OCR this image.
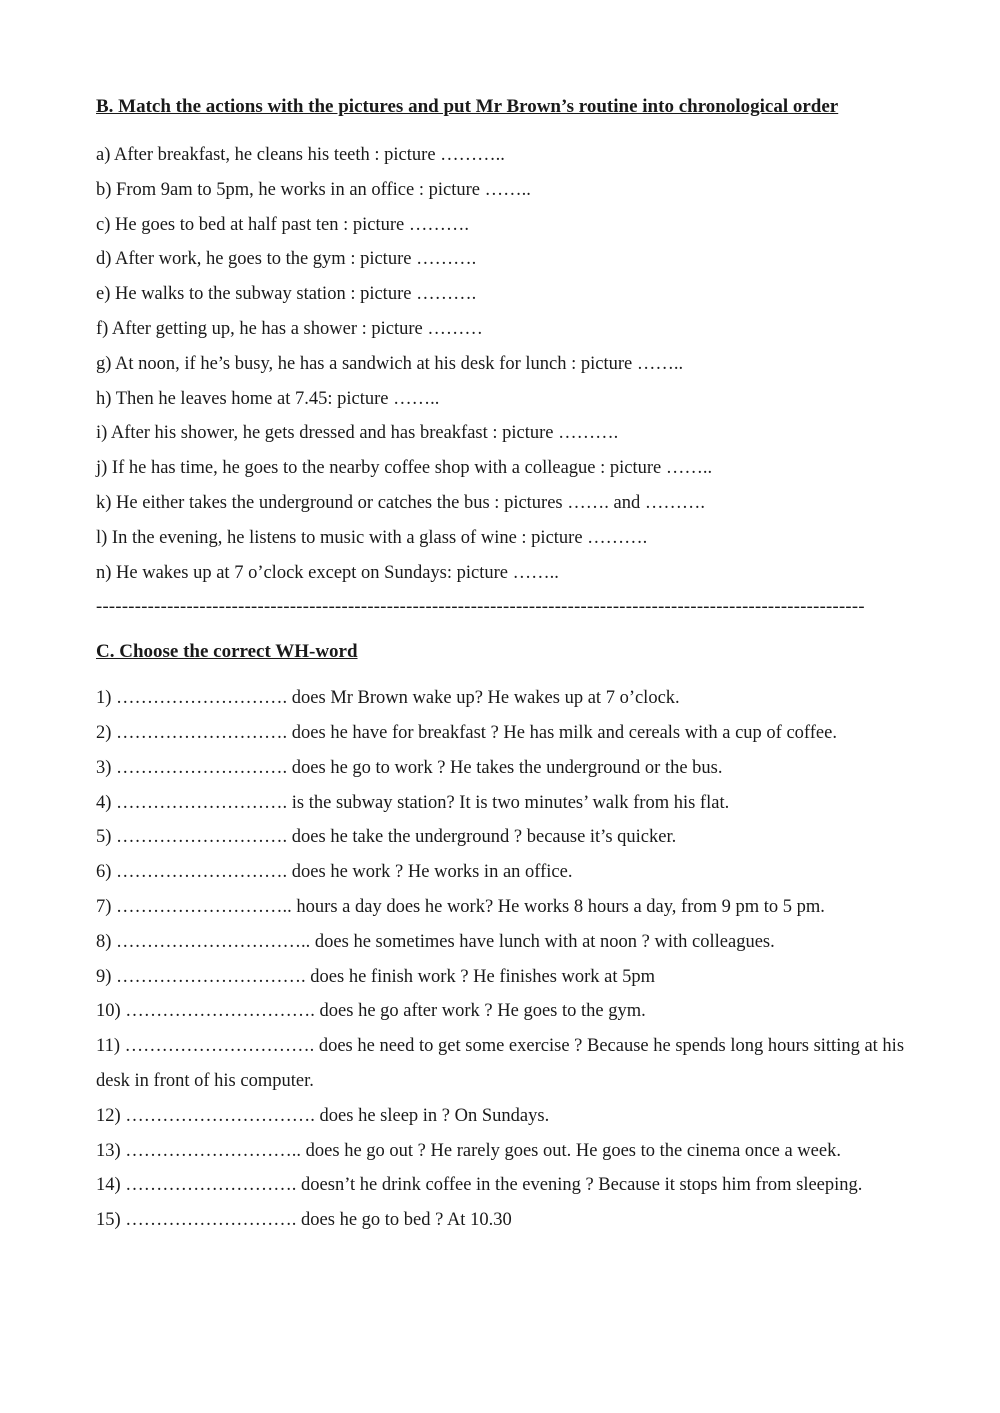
B. Match the actions with the pictures and put Mr Brown’s routine into chronological order
a) After breakfast, he cleans his teeth : picture ………..
b) From 9am to 5pm, he works in an office : picture ……..
c) He goes to bed at half past ten : picture ……….
d) After work, he goes to the gym : picture ……….
e) He walks to the subway station : picture ……….
f) After getting up, he has a shower : picture ………
g) At noon, if he’s busy, he has a sandwich at his desk for lunch : picture ……..
h) Then he leaves home at 7.45: picture ……..
i) After his shower, he gets dressed and has breakfast : picture ……….
j) If he has time, he goes to the nearby coffee shop with a colleague : picture ……..
k) He either takes the underground or catches the bus : pictures ……. and ……….
l) In the evening, he listens to music with a glass of wine : picture ……….
n) He wakes up at 7 o’clock except on Sundays: picture ……..
-----------------------------------------------------------------------------------------------------------------------
C. Choose the correct WH-word
1) ………………………. does Mr Brown wake up? He wakes up at 7 o’clock.
2) ………………………. does he have for breakfast ? He has milk and cereals with a cup of coffee.
3) ………………………. does he go to work ? He takes the underground or the bus.
4) ………………………. is the subway station? It is two minutes’ walk from his flat.
5) ………………………. does he take the underground ? because it’s quicker.
6) ………………………. does he work ? He works in an office.
7) ……………………….. hours a day does he work? He works 8 hours a day, from 9 pm to 5 pm.
8) ………………………….. does he sometimes have lunch with at noon ? with colleagues.
9) …………………………. does he finish work ? He finishes work at 5pm
10) …………………………. does he go after work ? He goes to the gym.
11) …………………………. does he need to get some exercise ? Because he spends long hours sitting at his desk in front of his computer.
12) …………………………. does he sleep in ? On Sundays.
13) ……………………….. does he go out ? He rarely goes out. He goes to the cinema once a week.
14) ………………………. doesn’t he drink coffee in the evening ? Because it stops him from sleeping.
15) ………………………. does he go to bed ? At 10.30
